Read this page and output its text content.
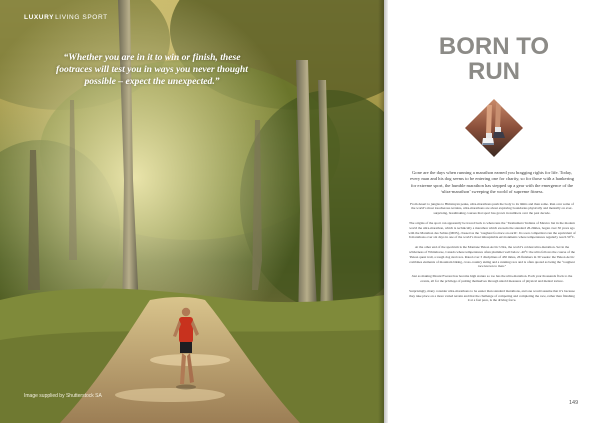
LUXURYLIVING SPORT
“Whether you are in it to win or finish, these footraces will test you in ways you never thought possible – expect the unexpected.”
Image supplied by Shutterstock SA
BORN TO
RUN

Gone are the days when running a marathon earned you bragging rights for life. Today, every man and his dog seems to be entering one for charity, so for those with a hankering for extreme sport, the humble marathon has stepped up a gear with the emergence of the ‘ultra-marathon’ sweeping the world of supreme fitness.

From desert to jungles to Himalayan peaks, ultra-marathons push the body to its limits and then some. Run over some of the world’s most treacherous terrains, ultra-marathons are about exploring boundaries physically and mentally on ever-surprising, breathtaking courses that sport has grown in numbers over the past decade.

The origins of the sport can apparently be traced back to when runs the ‘Tarahumara’ Indians of Mexico but in the modern world the ultra-marathon, which is technically a marathon which exceeds the standard 26.2miles, began over 30 years ago with the Marathon des Sables (MDS), classed as the ‘toughest footrace on earth’. Its soon competitors run the equivalent of 6 marathons over six days in one of the world’s most inhospitable environments where temperatures regularly reach 50°C.

At the other end of the spectrum is the Montane Yukon Arctic Ultra, the world’s coldest ultra-marathon. Set in the wilderness of Whitehorse, Canada where temperatures often plummet well below -40°C the ultra follows the course of the Yukon quest trail, a tough dog sled race. Rated over 3 disciplines of 430 miles, 26 finishers in 30 weeks: the Yukon Arctic combines elements of mountain biking, cross-country skiing and a running race and is often quoted as being the “toughest race known to man.”

Just as making Mount Everest has become high stature so too has the ultra-marathon. Each year thousands flock to the events, all for the privilege of putting themselves through untold measures of physical and mental torture.

Surprisingly, many consider ultra-marathons to be easier than standard marathons, and one would assume that it’s because they take place on a more varied terrain and that the challenge of competing and completing the race, rather than finishing it at a fast pace, is the driving force.

149
